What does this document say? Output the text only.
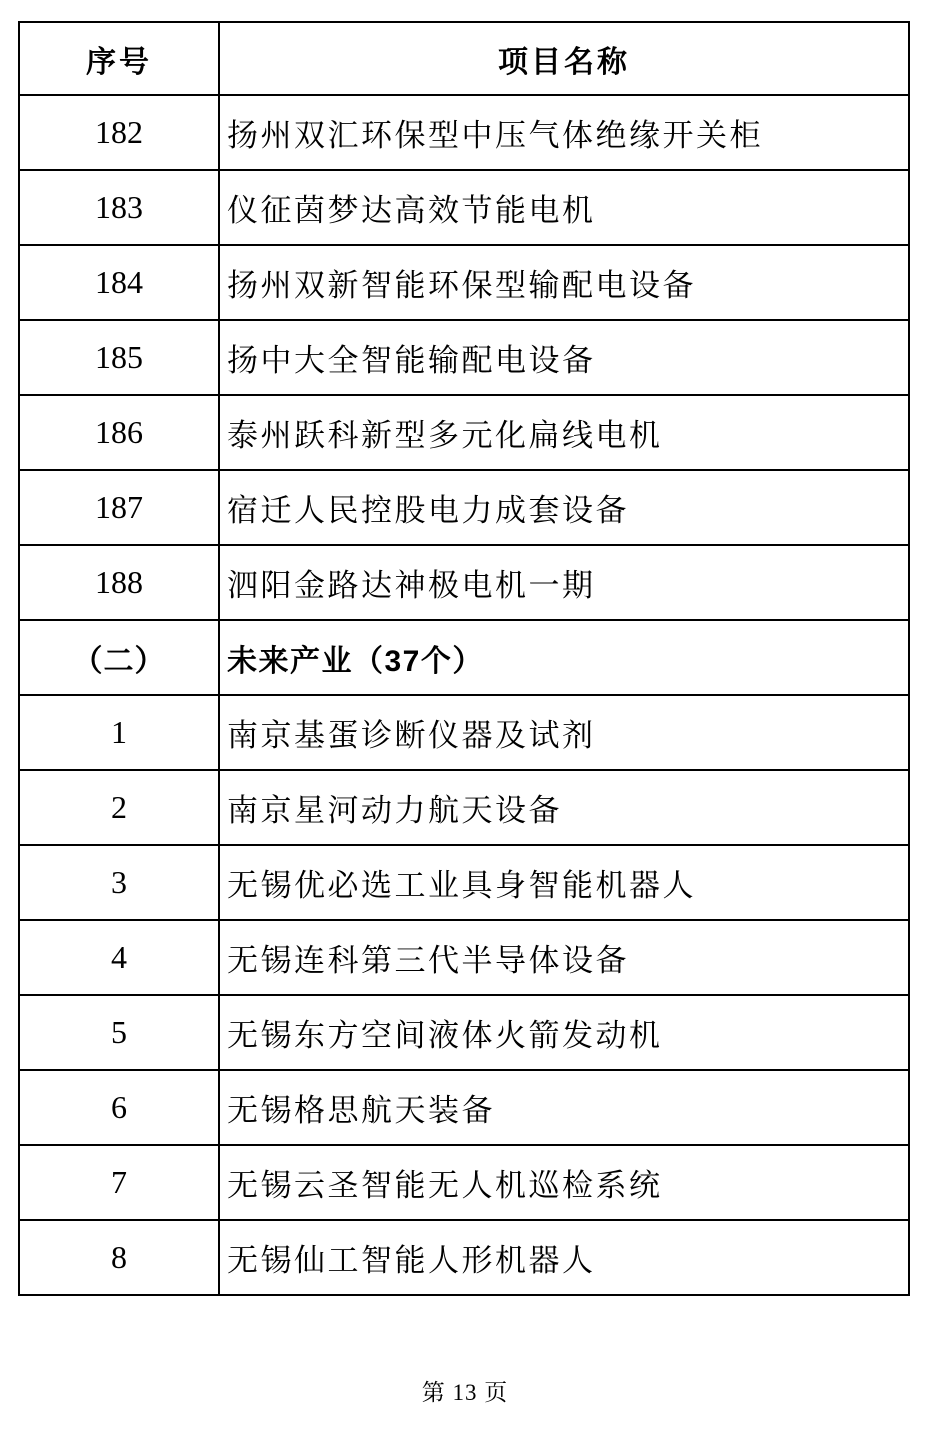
序号	项目名称
182	扬州双汇环保型中压气体绝缘开关柜
183	仪征茵梦达高效节能电机
184	扬州双新智能环保型输配电设备
185	扬中大全智能输配电设备
186	泰州跃科新型多元化扁线电机
187	宿迁人民控股电力成套设备
188	泗阳金路达神极电机一期
（二）	未来产业（37个）
1	南京基蛋诊断仪器及试剂
2	南京星河动力航天设备
3	无锡优必选工业具身智能机器人
4	无锡连科第三代半导体设备
5	无锡东方空间液体火箭发动机
6	无锡格思航天装备
7	无锡云圣智能无人机巡检系统
8	无锡仙工智能人形机器人
第 13 页
